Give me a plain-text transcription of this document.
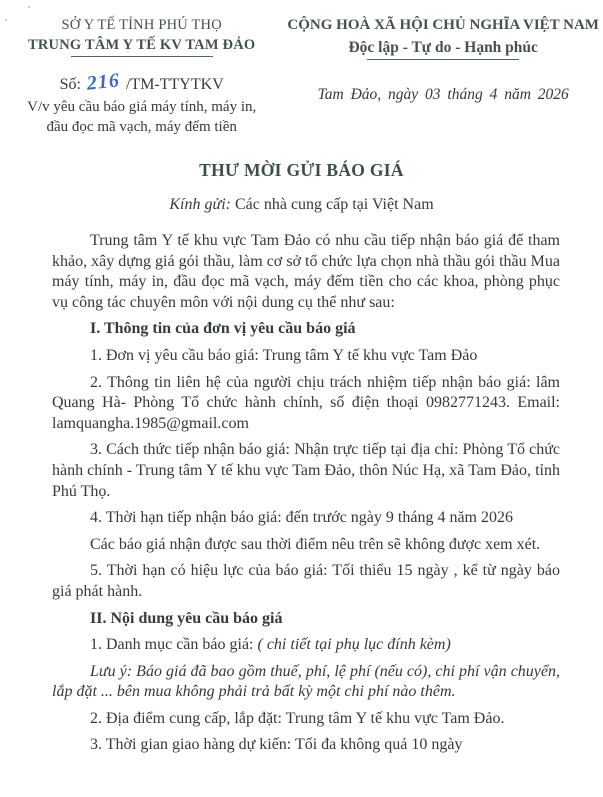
SỞ Y TẾ TỈNH PHÚ THỌ
TRUNG TÂM Y TẾ KV TAM ĐẢO
Số: 216 /TM-TTYTKV
V/v yêu cầu báo giá máy tính, máy in,
đầu đọc mã vạch, máy đếm tiền
CỘNG HOÀ XÃ HỘI CHỦ NGHĨA VIỆT NAM
Độc lập - Tự do - Hạnh phúc
Tam Đảo, ngày 03 tháng 4 năm 2026
THƯ MỜI GỬI BÁO GIÁ
Kính gửi: Các nhà cung cấp tại Việt Nam

Trung tâm Y tế khu vực Tam Đảo có nhu cầu tiếp nhận báo giá để tham khảo, xây dựng giá gói thầu, làm cơ sở tổ chức lựa chọn nhà thầu gói thầu Mua máy tính, máy in, đầu đọc mã vạch, máy đếm tiền cho các khoa, phòng phục vụ công tác chuyên môn với nội dung cụ thể như sau:

I. Thông tin của đơn vị yêu cầu báo giá

1. Đơn vị yêu cầu báo giá: Trung tâm Y tế khu vực Tam Đảo

2. Thông tin liên hệ của người chịu trách nhiệm tiếp nhận báo giá: lâm Quang Hà- Phòng Tổ chức hành chính, số điện thoại 0982771243. Email: lamquangha.1985@gmail.com

3. Cách thức tiếp nhận báo giá: Nhận trực tiếp tại địa chỉ: Phòng Tổ chức hành chính - Trung tâm Y tế khu vực Tam Đảo, thôn Núc Hạ, xã Tam Đảo, tỉnh Phú Thọ.

4. Thời hạn tiếp nhận báo giá: đến trước ngày 9 tháng 4 năm 2026

Các báo giá nhận được sau thời điểm nêu trên sẽ không được xem xét.

5. Thời hạn có hiệu lực của báo giá: Tối thiểu 15 ngày , kể từ ngày báo giá phát hành.

II. Nội dung yêu cầu báo giá

1. Danh mục cần báo giá: ( chi tiết tại phụ lục đính kèm)

Lưu ý: Báo giá đã bao gồm thuế, phí, lệ phí (nếu có), chi phí vận chuyển, lắp đặt ... bên mua không phải trả bất kỳ một chi phí nào thêm.

2. Địa điểm cung cấp, lắp đặt: Trung tâm Y tế khu vực Tam Đảo.

3. Thời gian giao hàng dự kiến: Tối đa không quá 10 ngày
